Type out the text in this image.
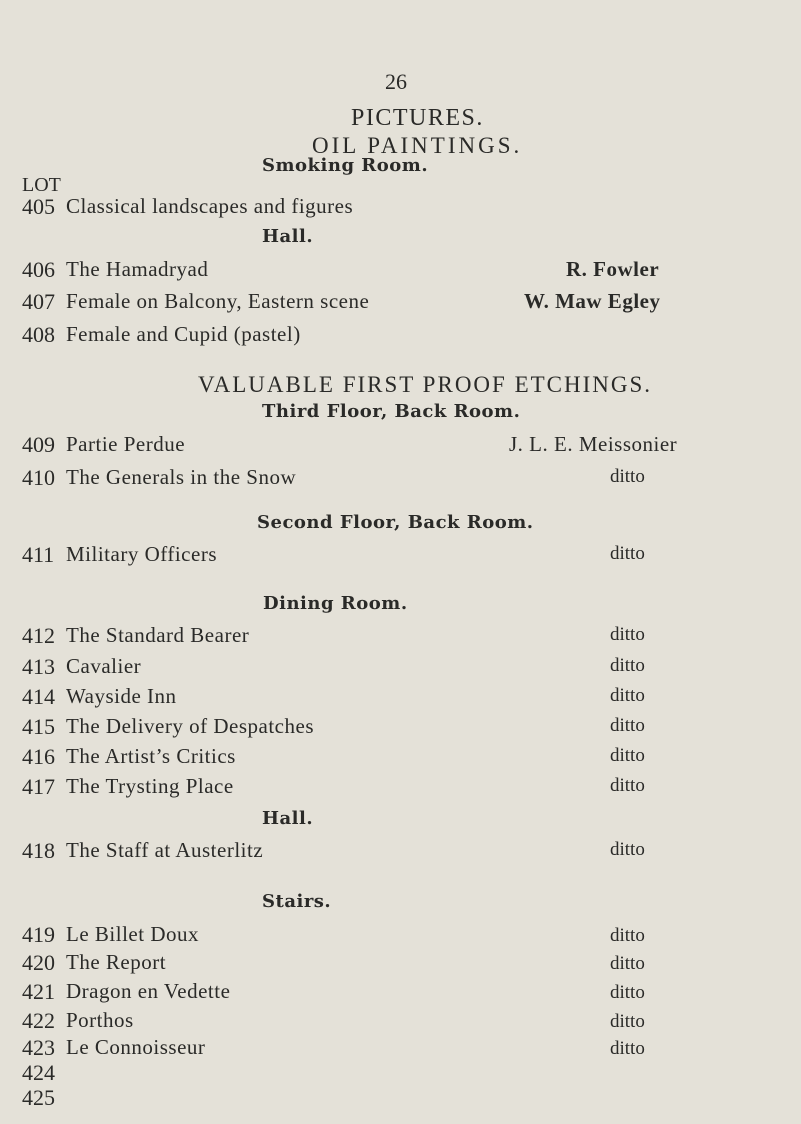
26
PICTURES.
OIL PAINTINGS.
Smoking Room.
LOT
405 Classical landscapes and figures
Hall.
406 The Hamadryad	R. Fowler
407 Female on Balcony, Eastern scene	W. Maw Egley
408 Female and Cupid (pastel)
VALUABLE FIRST PROOF ETCHINGS.
Third Floor, Back Room.
409 Partie Perdue	J. L. E. Meissonier
410 The Generals in the Snow	ditto
Second Floor, Back Room.
411 Military Officers	ditto
Dining Room.
412 The Standard Bearer	ditto
413 Cavalier	ditto
414 Wayside Inn	ditto
415 The Delivery of Despatches	ditto
416 The Artist’s Critics	ditto
417 The Trysting Place	ditto
Hall.
418 The Staff at Austerlitz	ditto
Stairs.
419 Le Billet Doux	ditto
420 The Report	ditto
421 Dragon en Vedette	ditto
422 Porthos	ditto
423 Le Connoisseur	ditto
424
425
